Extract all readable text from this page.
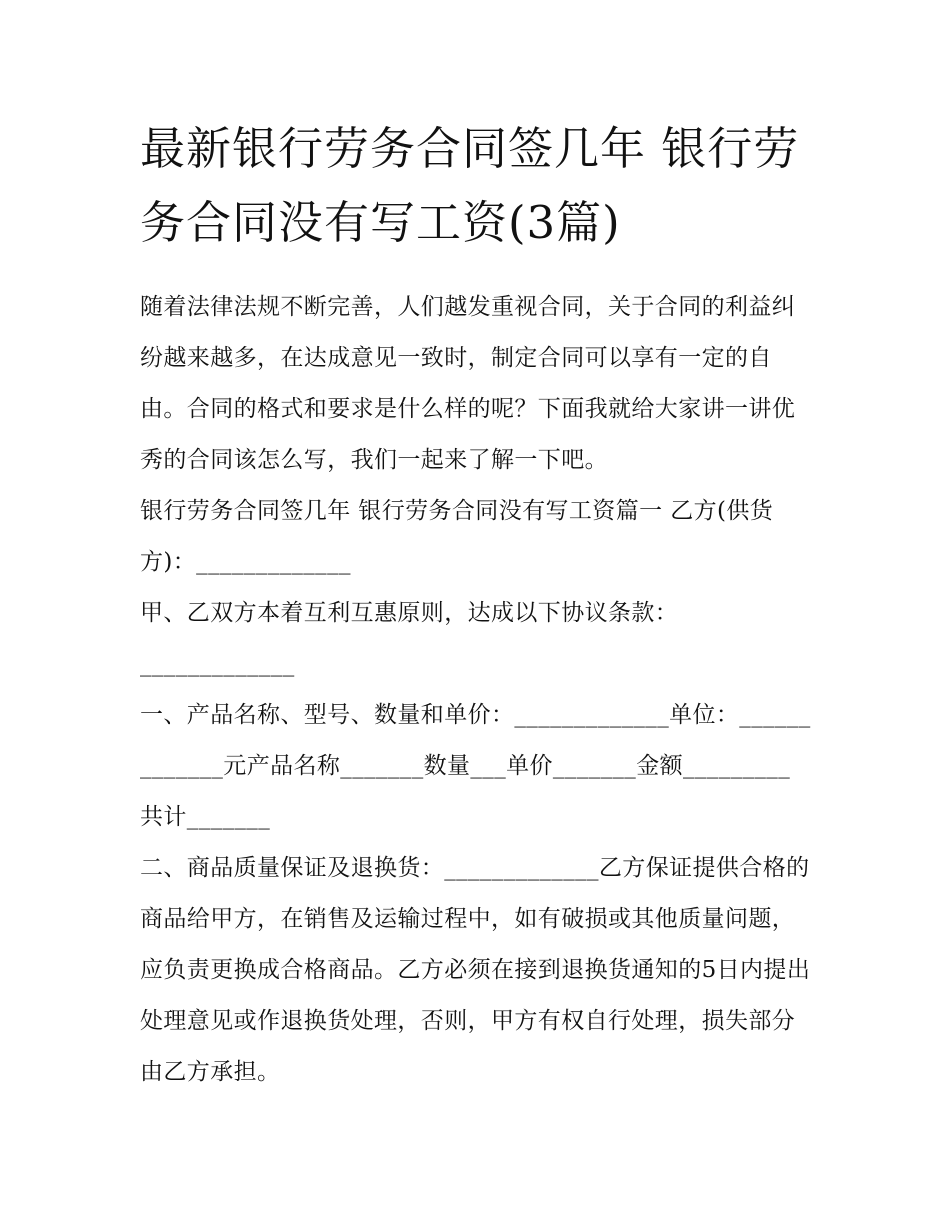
最新银行劳务合同签几年 银行劳务合同没有写工资(3篇)

随着法律法规不断完善，人们越发重视合同，关于合同的利益纠纷越来越多，在达成意见一致时，制定合同可以享有一定的自由。合同的格式和要求是什么样的呢？下面我就给大家讲一讲优秀的合同该怎么写，我们一起来了解一下吧。

银行劳务合同签几年 银行劳务合同没有写工资篇一 乙方(供货方)：_____________

甲、乙双方本着互利互惠原则，达成以下协议条款：

_____________

一、产品名称、型号、数量和单价：_____________单位：_____________元产品名称_______数量___单价_______金额_________共计_______

二、商品质量保证及退换货：_____________乙方保证提供合格的商品给甲方，在销售及运输过程中，如有破损或其他质量问题，应负责更换成合格商品。乙方必须在接到退换货通知的5日内提出处理意见或作退换货处理，否则，甲方有权自行处理，损失部分由乙方承担。
